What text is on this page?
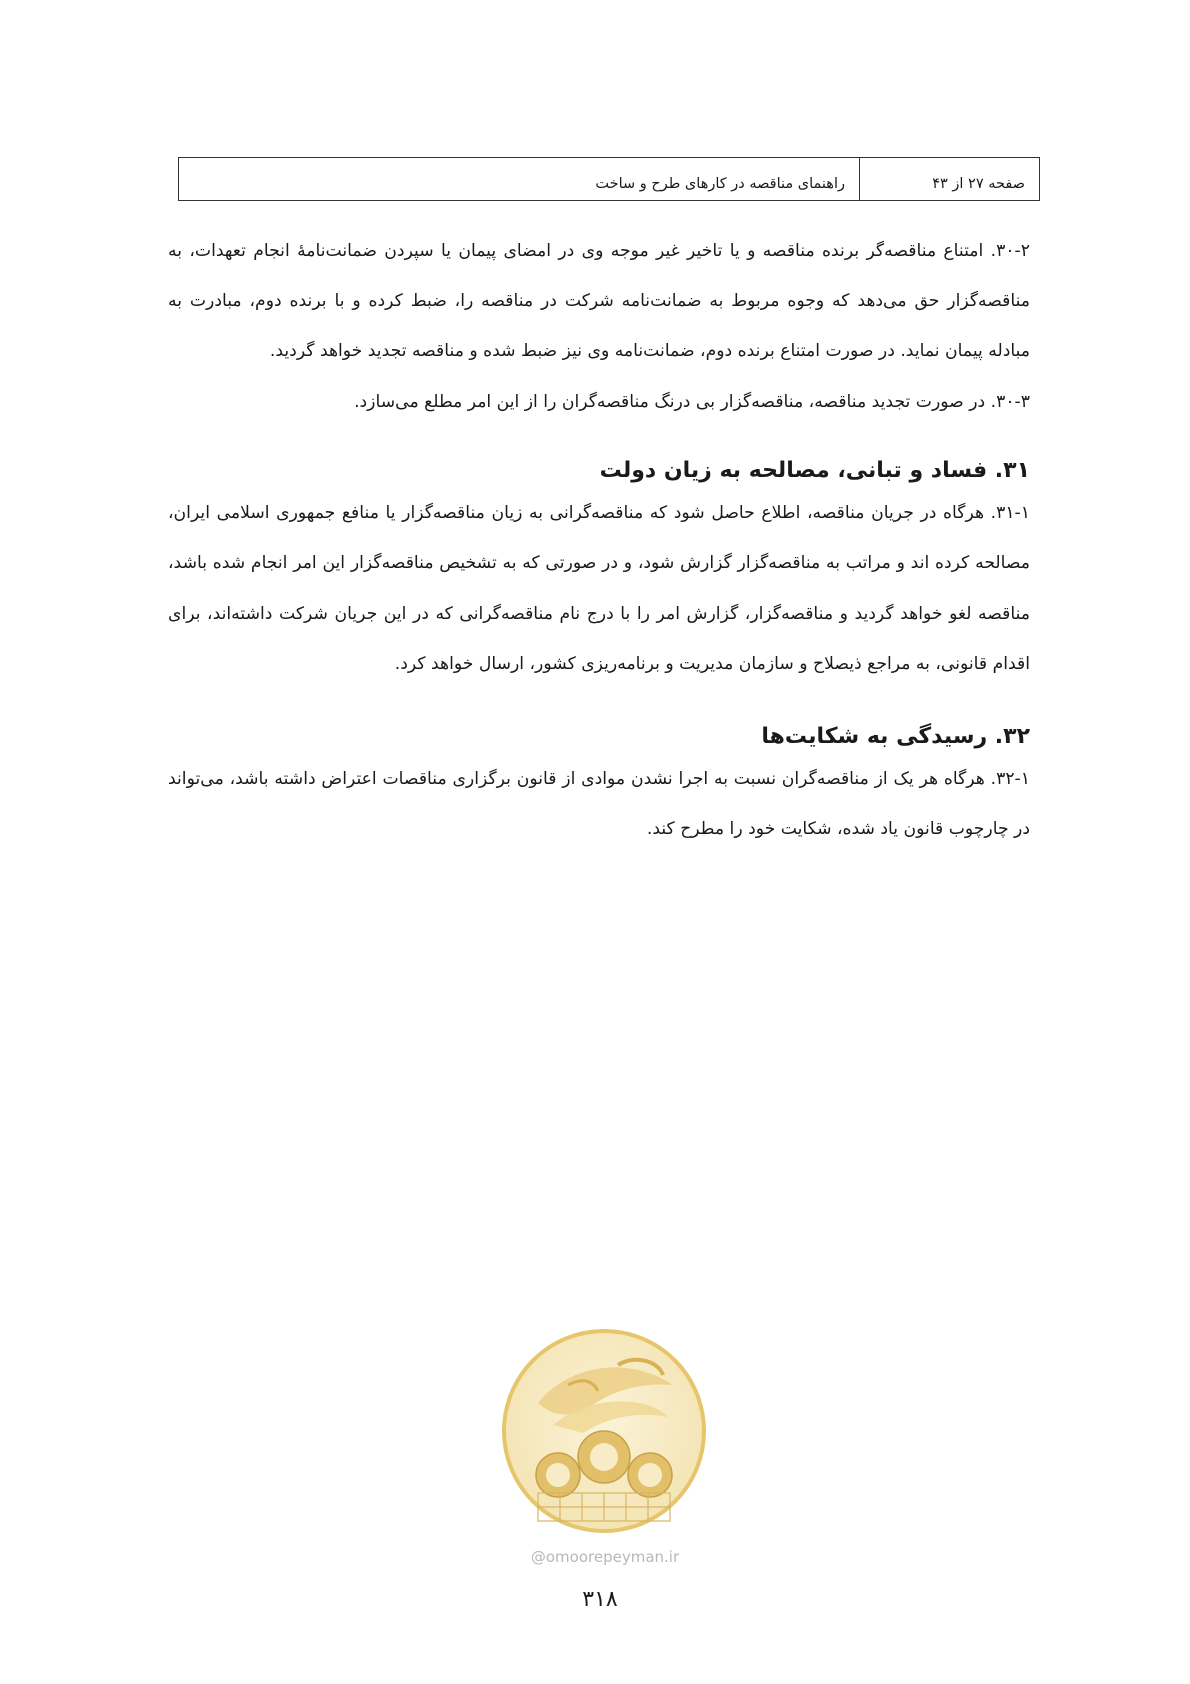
صفحه ۲۷ از ۴۳
راهنمای مناقصه در کارهای طرح و ساخت

۳۰-۲. امتناع مناقصه‌گر برنده مناقصه و یا تاخیر غیر موجه وی در امضای پیمان یا سپردن ضمانت‌نامهٔ انجام تعهدات، به مناقصه‌گزار حق می‌دهد که وجوه مربوط به ضمانت‌نامه شرکت در مناقصه را، ضبط کرده و با برنده دوم، مبادرت به مبادله پیمان نماید. در صورت امتناع برنده دوم، ضمانت‌نامه وی نیز ضبط شده و مناقصه تجدید خواهد گردید.

۳۰-۳. در صورت تجدید مناقصه، مناقصه‌گزار بی درنگ مناقصه‌گران را از این امر مطلع می‌سازد.

۳۱. فساد و تبانی، مصالحه به زیان دولت

۳۱-۱. هرگاه در جریان مناقصه، اطلاع حاصل شود که مناقصه‌گرانی به زیان مناقصه‌گزار یا منافع جمهوری اسلامی ایران، مصالحه کرده اند و مراتب به مناقصه‌گزار گزارش شود، و در صورتی که به تشخیص مناقصه‌گزار این امر انجام شده باشد، مناقصه لغو خواهد گردید و مناقصه‌گزار، گزارش امر را با درج نام مناقصه‌گرانی که در این جریان شرکت داشته‌اند، برای اقدام قانونی، به مراجع ذیصلاح و سازمان مدیریت و برنامه‌ریزی کشور، ارسال خواهد کرد.

۳۲. رسیدگی به شکایت‌ها

۳۲-۱. هرگاه هر یک از مناقصه‌گران نسبت به اجرا نشدن موادی از قانون برگزاری مناقصات اعتراض داشته باشد، می‌تواند در چارچوب قانون یاد شده، شکایت خود را مطرح کند.

@omoorepeyman.ir
۳۱۸
